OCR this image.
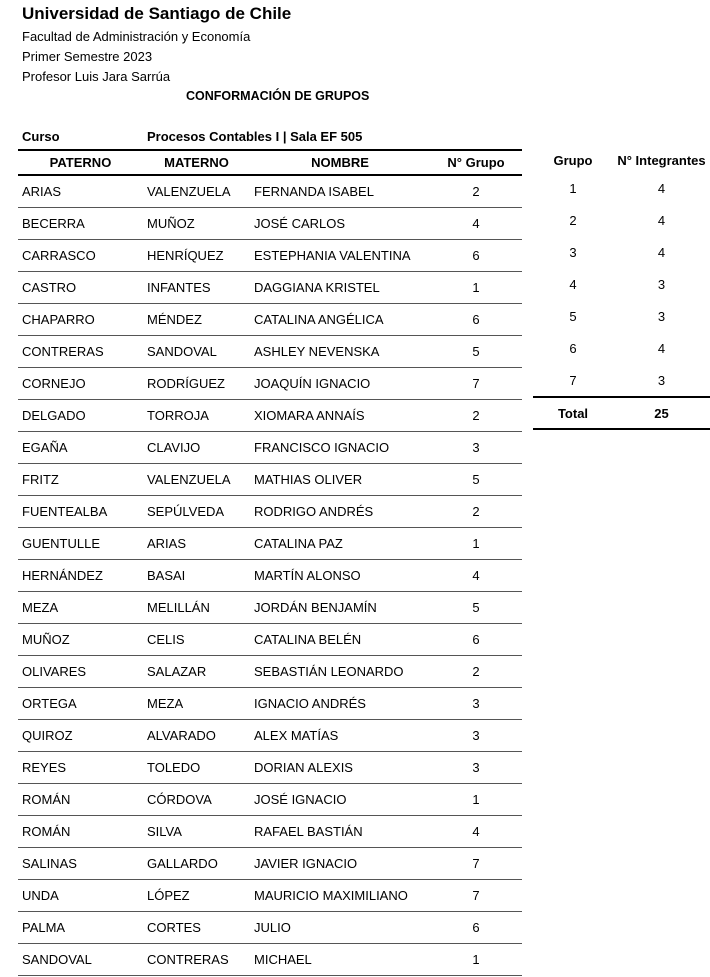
Universidad de Santiago de Chile
Facultad de Administración y Economía
Primer Semestre 2023
Profesor Luis Jara Sarrúa
CONFORMACIÓN DE GRUPOS
Curso	Procesos Contables I | Sala EF 505
PATERNO	MATERNO	NOMBRE	N° Grupo
ARIAS	VALENZUELA	FERNANDA ISABEL	2
BECERRA	MUÑOZ	JOSÉ CARLOS	4
CARRASCO	HENRÍQUEZ	ESTEPHANIA VALENTINA	6
CASTRO	INFANTES	DAGGIANA KRISTEL	1
CHAPARRO	MÉNDEZ	CATALINA ANGÉLICA	6
CONTRERAS	SANDOVAL	ASHLEY NEVENSKA	5
CORNEJO	RODRÍGUEZ	JOAQUÍN IGNACIO	7
DELGADO	TORROJA	XIOMARA ANNAÍS	2
EGAÑA	CLAVIJO	FRANCISCO IGNACIO	3
FRITZ	VALENZUELA	MATHIAS OLIVER	5
FUENTEALBA	SEPÚLVEDA	RODRIGO ANDRÉS	2
GUENTULLE	ARIAS	CATALINA PAZ	1
HERNÁNDEZ	BASAI	MARTÍN ALONSO	4
MEZA	MELILLÁN	JORDÁN BENJAMÍN	5
MUÑOZ	CELIS	CATALINA BELÉN	6
OLIVARES	SALAZAR	SEBASTIÁN LEONARDO	2
ORTEGA	MEZA	IGNACIO ANDRÉS	3
QUIROZ	ALVARADO	ALEX MATÍAS	3
REYES	TOLEDO	DORIAN ALEXIS	3
ROMÁN	CÓRDOVA	JOSÉ IGNACIO	1
ROMÁN	SILVA	RAFAEL BASTIÁN	4
SALINAS	GALLARDO	JAVIER IGNACIO	7
UNDA	LÓPEZ	MAURICIO MAXIMILIANO	7
PALMA	CORTES	JULIO	6
SANDOVAL	CONTRERAS	MICHAEL	1
Grupo	N° Integrantes
1	4
2	4
3	4
4	3
5	3
6	4
7	3
Total	25
